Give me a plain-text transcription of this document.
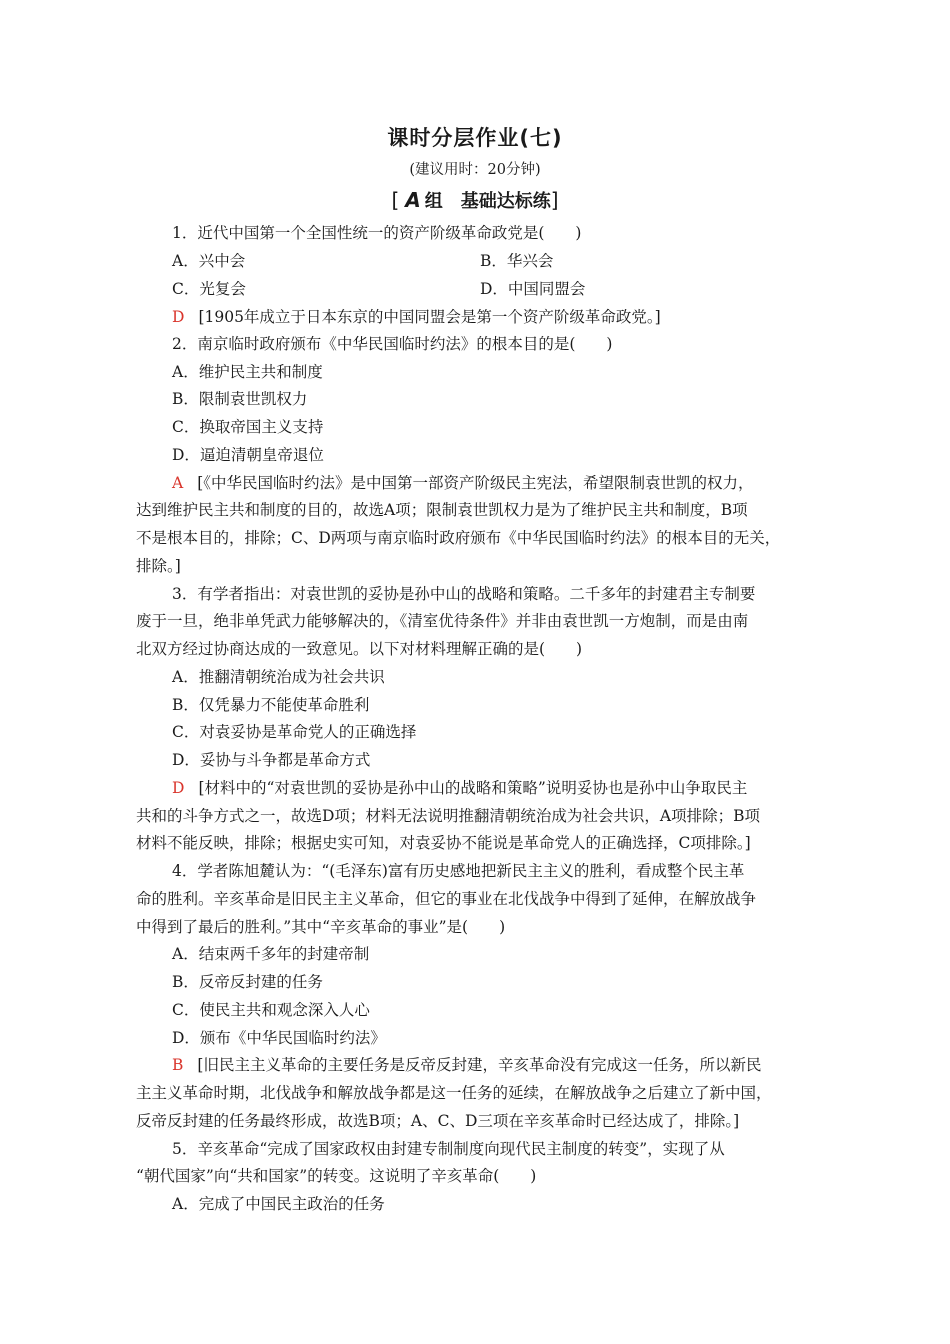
课时分层作业(七)
(建议用时：20分钟)
[ A 组　基础达标练]
1．近代中国第一个全国性统一的资产阶级革命政党是(　　)
A．兴中会	B．华兴会
C．光复会	D．中国同盟会
D [1905年成立于日本东京的中国同盟会是第一个资产阶级革命政党。]
2．南京临时政府颁布《中华民国临时约法》的根本目的是(　　)
A．维护民主共和制度
B．限制袁世凯权力
C．换取帝国主义支持
D．逼迫清朝皇帝退位
A [《中华民国临时约法》是中国第一部资产阶级民主宪法，希望限制袁世凯的权力，
达到维护民主共和制度的目的，故选A项；限制袁世凯权力是为了维护民主共和制度，B项
不是根本目的，排除；C、D两项与南京临时政府颁布《中华民国临时约法》的根本目的无关，
排除。]
3．有学者指出：对袁世凯的妥协是孙中山的战略和策略。二千多年的封建君主专制要
废于一旦，绝非单凭武力能够解决的，《清室优待条件》并非由袁世凯一方炮制，而是由南
北双方经过协商达成的一致意见。以下对材料理解正确的是(　　)
A．推翻清朝统治成为社会共识
B．仅凭暴力不能使革命胜利
C．对袁妥协是革命党人的正确选择
D．妥协与斗争都是革命方式
D [材料中的“对袁世凯的妥协是孙中山的战略和策略”说明妥协也是孙中山争取民主
共和的斗争方式之一，故选D项；材料无法说明推翻清朝统治成为社会共识，A项排除；B项
材料不能反映，排除；根据史实可知，对袁妥协不能说是革命党人的正确选择，C项排除。]
4．学者陈旭麓认为：“(毛泽东)富有历史感地把新民主主义的胜利，看成整个民主革
命的胜利。辛亥革命是旧民主主义革命，但它的事业在北伐战争中得到了延伸，在解放战争
中得到了最后的胜利。”其中“辛亥革命的事业”是(　　)
A．结束两千多年的封建帝制
B．反帝反封建的任务
C．使民主共和观念深入人心
D．颁布《中华民国临时约法》
B [旧民主主义革命的主要任务是反帝反封建，辛亥革命没有完成这一任务，所以新民
主主义革命时期，北伐战争和解放战争都是这一任务的延续，在解放战争之后建立了新中国，
反帝反封建的任务最终形成，故选B项；A、C、D三项在辛亥革命时已经达成了，排除。]
5．辛亥革命“完成了国家政权由封建专制制度向现代民主制度的转变”，实现了从
“朝代国家”向“共和国家”的转变。这说明了辛亥革命(　　)
A．完成了中国民主政治的任务
